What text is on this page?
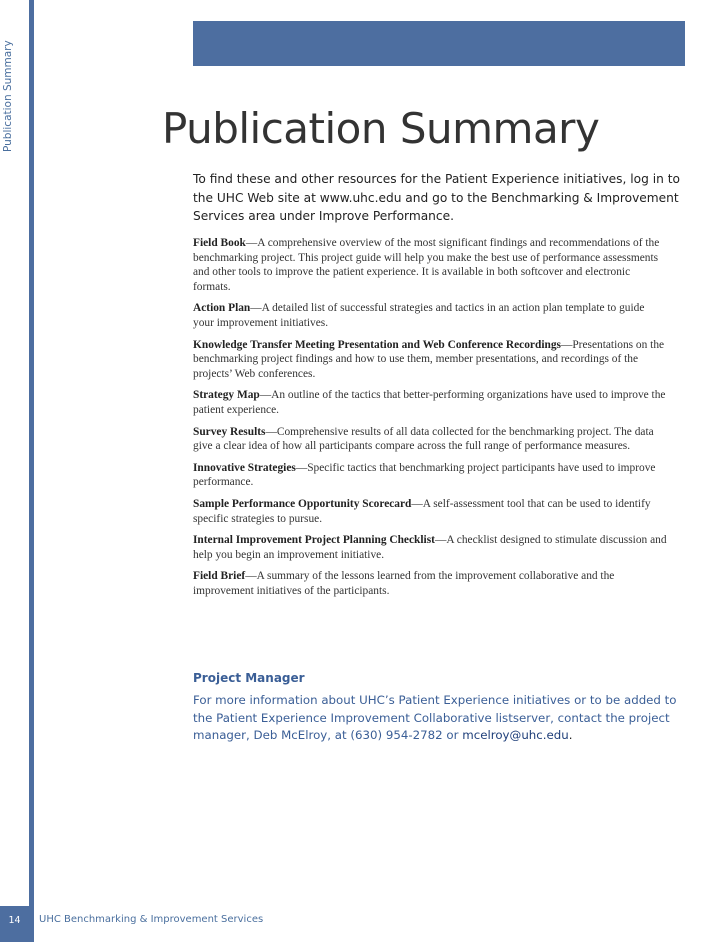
Publication Summary
14
Publication Summary
To find these and other resources for the Patient Experience initiatives, log in to the UHC Web site at www.uhc.edu and go to the Benchmarking & Improvement Services area under Improve Performance.
Field Book—A comprehensive overview of the most significant findings and recommendations of the benchmarking project. This project guide will help you make the best use of performance assessments and other tools to improve the patient experience. It is available in both softcover and electronic formats.
Action Plan—A detailed list of successful strategies and tactics in an action plan template to guide your improvement initiatives.
Knowledge Transfer Meeting Presentation and Web Conference Recordings—Presentations on the benchmarking project findings and how to use them, member presentations, and recordings of the projects’ Web conferences.
Strategy Map—An outline of the tactics that better-performing organizations have used to improve the patient experience.
Survey Results—Comprehensive results of all data collected for the benchmarking project. The data give a clear idea of how all participants compare across the full range of performance measures.
Innovative Strategies—Specific tactics that benchmarking project participants have used to improve performance.
Sample Performance Opportunity Scorecard—A self-assessment tool that can be used to identify specific strategies to pursue.
Internal Improvement Project Planning Checklist—A checklist designed to stimulate discussion and help you begin an improvement initiative.
Field Brief—A summary of the lessons learned from the improvement collaborative and the improvement initiatives of the participants.
Project Manager
For more information about UHC’s Patient Experience initiatives or to be added to the Patient Experience Improvement Collaborative listserver, contact the project manager, Deb McElroy, at (630) 954-2782 or mcelroy@uhc.edu.
UHC Benchmarking & Improvement Services
